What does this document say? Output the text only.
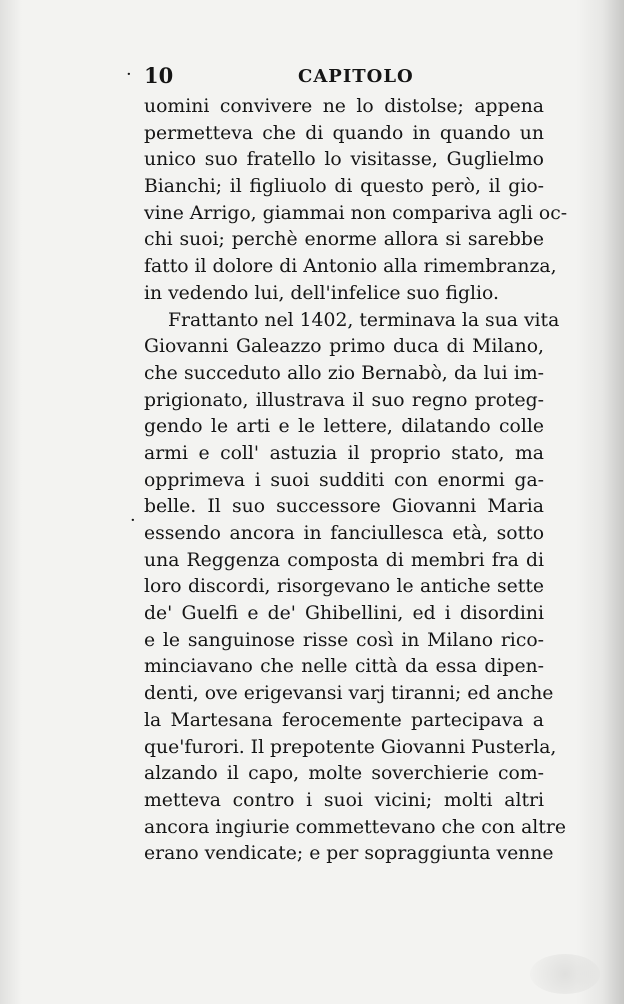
·
·
10	CAPITOLO
uomini convivere ne lo distolse; appena
permetteva che di quando in quando un
unico suo fratello lo visitasse, Guglielmo
Bianchi; il figliuolo di questo però, il gio-
vine Arrigo, giammai non compariva agli oc-
chi suoi; perchè enorme allora si sarebbe
fatto il dolore di Antonio alla rimembranza,
in vedendo lui, dell'infelice suo figlio.
Frattanto nel 1402, terminava la sua vita
Giovanni Galeazzo primo duca di Milano,
che succeduto allo zio Bernabò, da lui im-
prigionato, illustrava il suo regno proteg-
gendo le arti e le lettere, dilatando colle
armi e coll' astuzia il proprio stato, ma
opprimeva i suoi sudditi con enormi ga-
belle. Il suo successore Giovanni Maria
essendo ancora in fanciullesca età, sotto
una Reggenza composta di membri fra di
loro discordi, risorgevano le antiche sette
de' Guelfi e de' Ghibellini, ed i disordini
e le sanguinose risse così in Milano rico-
minciavano che nelle città da essa dipen-
denti, ove erigevansi varj tiranni; ed anche
la Martesana ferocemente partecipava a
que'furori. Il prepotente Giovanni Pusterla,
alzando il capo, molte soverchierie com-
metteva contro i suoi vicini; molti altri
ancora ingiurie commettevano che con altre
erano vendicate; e per sopraggiunta venne
